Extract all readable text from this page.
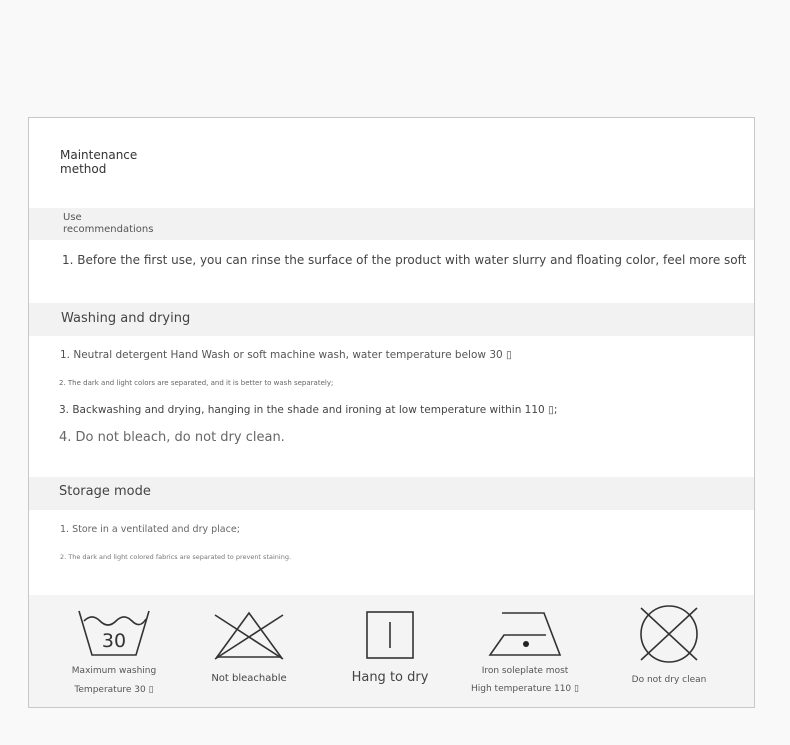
Maintenance
method
Use
recommendations
1. Before the first use, you can rinse the surface of the product with water slurry and floating color, feel more soft
Washing and drying
1. Neutral detergent Hand Wash or soft machine wash, water temperature below 30 ▯
2. The dark and light colors are separated, and it is better to wash separately;
3. Backwashing and drying, hanging in the shade and ironing at low temperature within 110 ▯;
4. Do not bleach, do not dry clean.
Storage mode
1. Store in a ventilated and dry place;
2. The dark and light colored fabrics are separated to prevent staining.
30
Maximum washing
Temperature 30 ▯
Not bleachable	Hang to dry	Iron soleplate most
High temperature 110 ▯
Do not dry clean
